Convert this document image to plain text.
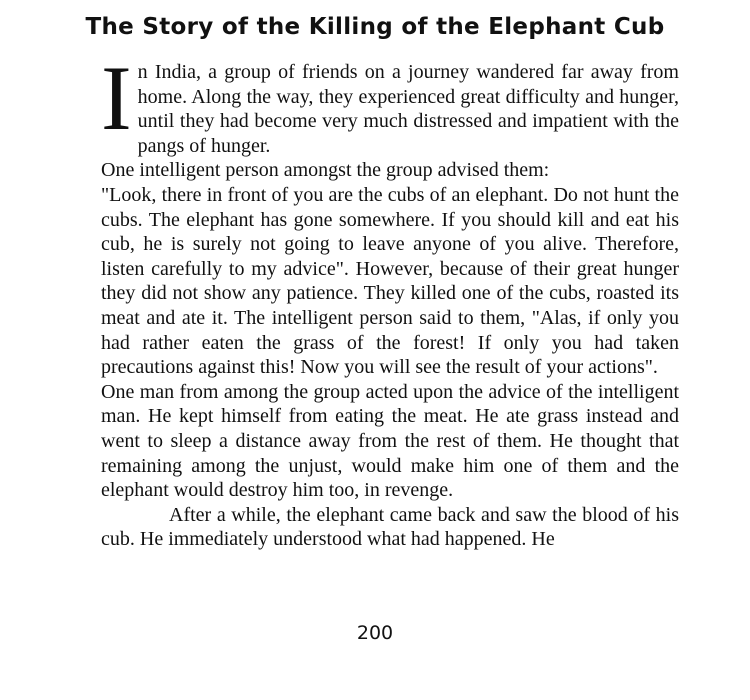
The Story of the Killing of the Elephant Cub

In India, a group of friends on a journey wandered far away from home. Along the way, they experienced great difficulty and hunger, until they had become very much distressed and impatient with the pangs of hunger.

One intelligent person amongst the group advised them:

"Look, there in front of you are the cubs of an elephant. Do not hunt the cubs. The elephant has gone somewhere. If you should kill and eat his cub, he is surely not going to leave anyone of you alive. Therefore, listen carefully to my advice". However, because of their great hunger they did not show any patience. They killed one of the cubs, roasted its meat and ate it. The intelligent person said to them, "Alas, if only you had rather eaten the grass of the forest! If only you had taken precautions against this! Now you will see the result of your actions".

One man from among the group acted upon the advice of the intelligent man. He kept himself from eating the meat. He ate grass instead and went to sleep a distance away from the rest of them. He thought that remaining among the unjust, would make him one of them and the elephant would destroy him too, in revenge.

After a while, the elephant came back and saw the blood of his cub. He immediately understood what had happened. He

200
